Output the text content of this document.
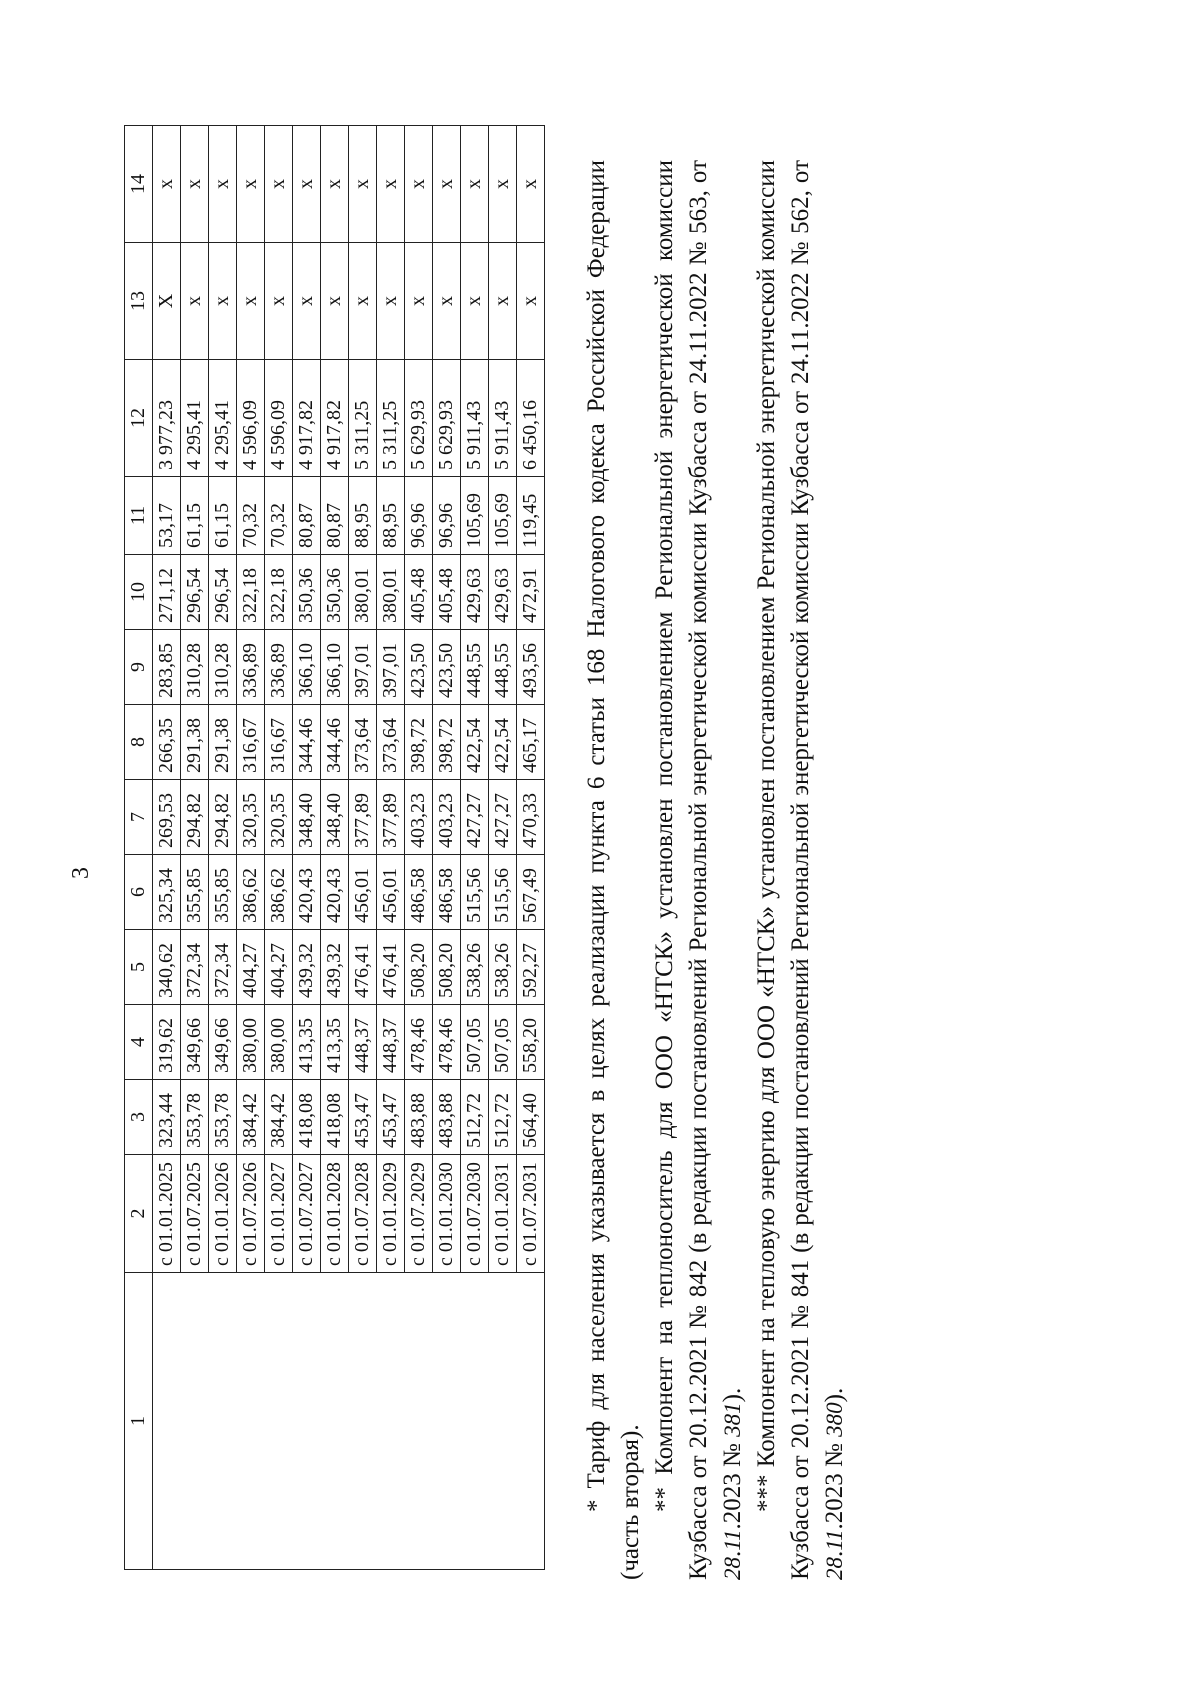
3
1	2	3	4	5	6	7	8	9	10	11	12	13	14
	с 01.01.2025	323,44	319,62	340,62	325,34	269,53	266,35	283,85	271,12	53,17	3 977,23	X	х
	с 01.07.2025	353,78	349,66	372,34	355,85	294,82	291,38	310,28	296,54	61,15	4 295,41	х	х
	с 01.01.2026	353,78	349,66	372,34	355,85	294,82	291,38	310,28	296,54	61,15	4 295,41	х	х
	с 01.07.2026	384,42	380,00	404,27	386,62	320,35	316,67	336,89	322,18	70,32	4 596,09	х	х
	с 01.01.2027	384,42	380,00	404,27	386,62	320,35	316,67	336,89	322,18	70,32	4 596,09	х	х
	с 01.07.2027	418,08	413,35	439,32	420,43	348,40	344,46	366,10	350,36	80,87	4 917,82	х	х
	с 01.01.2028	418,08	413,35	439,32	420,43	348,40	344,46	366,10	350,36	80,87	4 917,82	х	х
	с 01.07.2028	453,47	448,37	476,41	456,01	377,89	373,64	397,01	380,01	88,95	5 311,25	х	х
	с 01.01.2029	453,47	448,37	476,41	456,01	377,89	373,64	397,01	380,01	88,95	5 311,25	х	х
	с 01.07.2029	483,88	478,46	508,20	486,58	403,23	398,72	423,50	405,48	96,96	5 629,93	х	х
	с 01.01.2030	483,88	478,46	508,20	486,58	403,23	398,72	423,50	405,48	96,96	5 629,93	х	х
	с 01.07.2030	512,72	507,05	538,26	515,56	427,27	422,54	448,55	429,63	105,69	5 911,43	х	х
	с 01.01.2031	512,72	507,05	538,26	515,56	427,27	422,54	448,55	429,63	105,69	5 911,43	х	х
	с 01.07.2031	564,40	558,20	592,27	567,49	470,33	465,17	493,56	472,91	119,45	6 450,16	х	х * Тариф для населения указывается в целях реализации пункта 6 статьи 168 Налогового кодекса Российской Федерации (часть вторая). ** Компонент на теплоноситель для ООО «НТСК» установлен постановлением Региональной энергетической комиссии Кузбасса от 20.12.2021 № 842 (в редакции постановлений Региональной энергетической комиссии Кузбасса от 24.11.2022 № 563, от 28.11.2023 № 381). *** Компонент на тепловую энергию для ООО «НТСК» установлен постановлением Региональной энергетической комиссии Кузбасса от 20.12.2021 № 841 (в редакции постановлений Региональной энергетической комиссии Кузбасса от 24.11.2022 № 562, от 28.11.2023 № 380).
